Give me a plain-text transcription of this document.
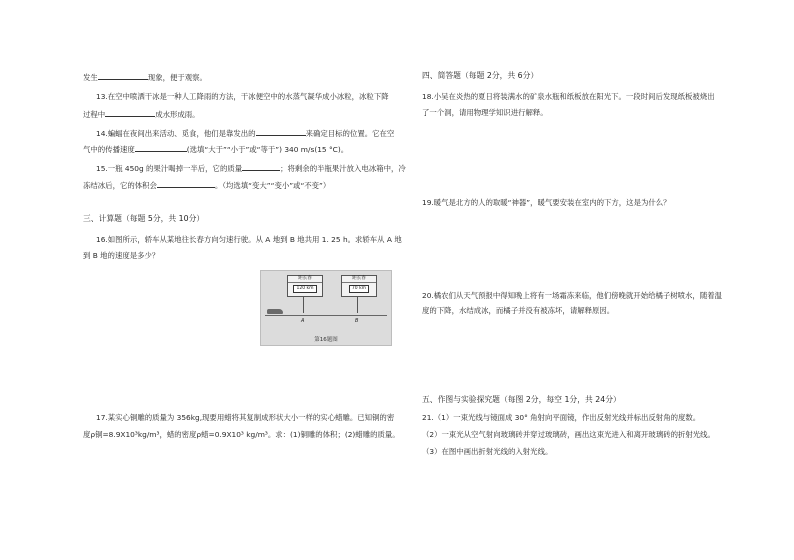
发生	现象，便于观察。
13.在空中喷洒干冰是一种人工降雨的方法，干冰便空中的水蒸气凝华成小冰粒，冰粒下降
过程中	成水形成雨。
14.蝙蝠在夜间出来活动、觅食，他们是靠发出的	来确定目标的位置。它在空
气中的传播速度	(选填“大于”“小于”或“等于”) 340 m/s(15 °C)。
15.一瓶 450g 的果汁喝掉一半后，它的质量	；将剩余的半瓶果汁放入电冰箱中，冷
冻结冰后，它的体积会	。（均选填“变大”“变小”或“不变”）
三、计算题（每题 5分，共 10分）
16.如图所示，轿车从某地往长春方向匀速行驶。从 A 地到 B 地共用 1. 25 h。求轿车从 A 地
到 B 地的速度是多少？
距长春
120 km
距长春
70 km
A	B
第16题图
17.某实心铜雕的质量为 356kg,现要用蜡将其复制成形状大小一样的实心蜡雕。已知铜的密
度ρ铜=8.9X10³kg/m³，蜡的密度ρ蜡=0.9X10³ kg/m³。求：(1)铜雕的体积；(2)蜡雕的质量。
四、简答题（每题 2分，共 6分）
18.小吴在炎热的夏日将装满水的矿泉水瓶和纸板放在阳光下。一段时间后发现纸板被烧出
了一个洞，请用物理学知识进行解释。
19.暖气是北方的人的取暖“神器”，暖气要安装在室内的下方，这是为什么？
20.橘农们从天气预报中得知晚上将有一场霜冻来临，他们傍晚就开始给橘子树喷水，随着温
度的下降，水结成冰，而橘子并没有被冻坏，请解释原因。
五、作图与实验探究题（每图 2分，每空 1分，共 24分）
21.（1）一束光线与镜面成 30° 角射向平面镜，作出反射光线并标出反射角的度数。
（2）一束光从空气射向玻璃砖并穿过玻璃砖，画出这束光进入和离开玻璃砖的折射光线。
（3）在图中画出折射光线的入射光线。
